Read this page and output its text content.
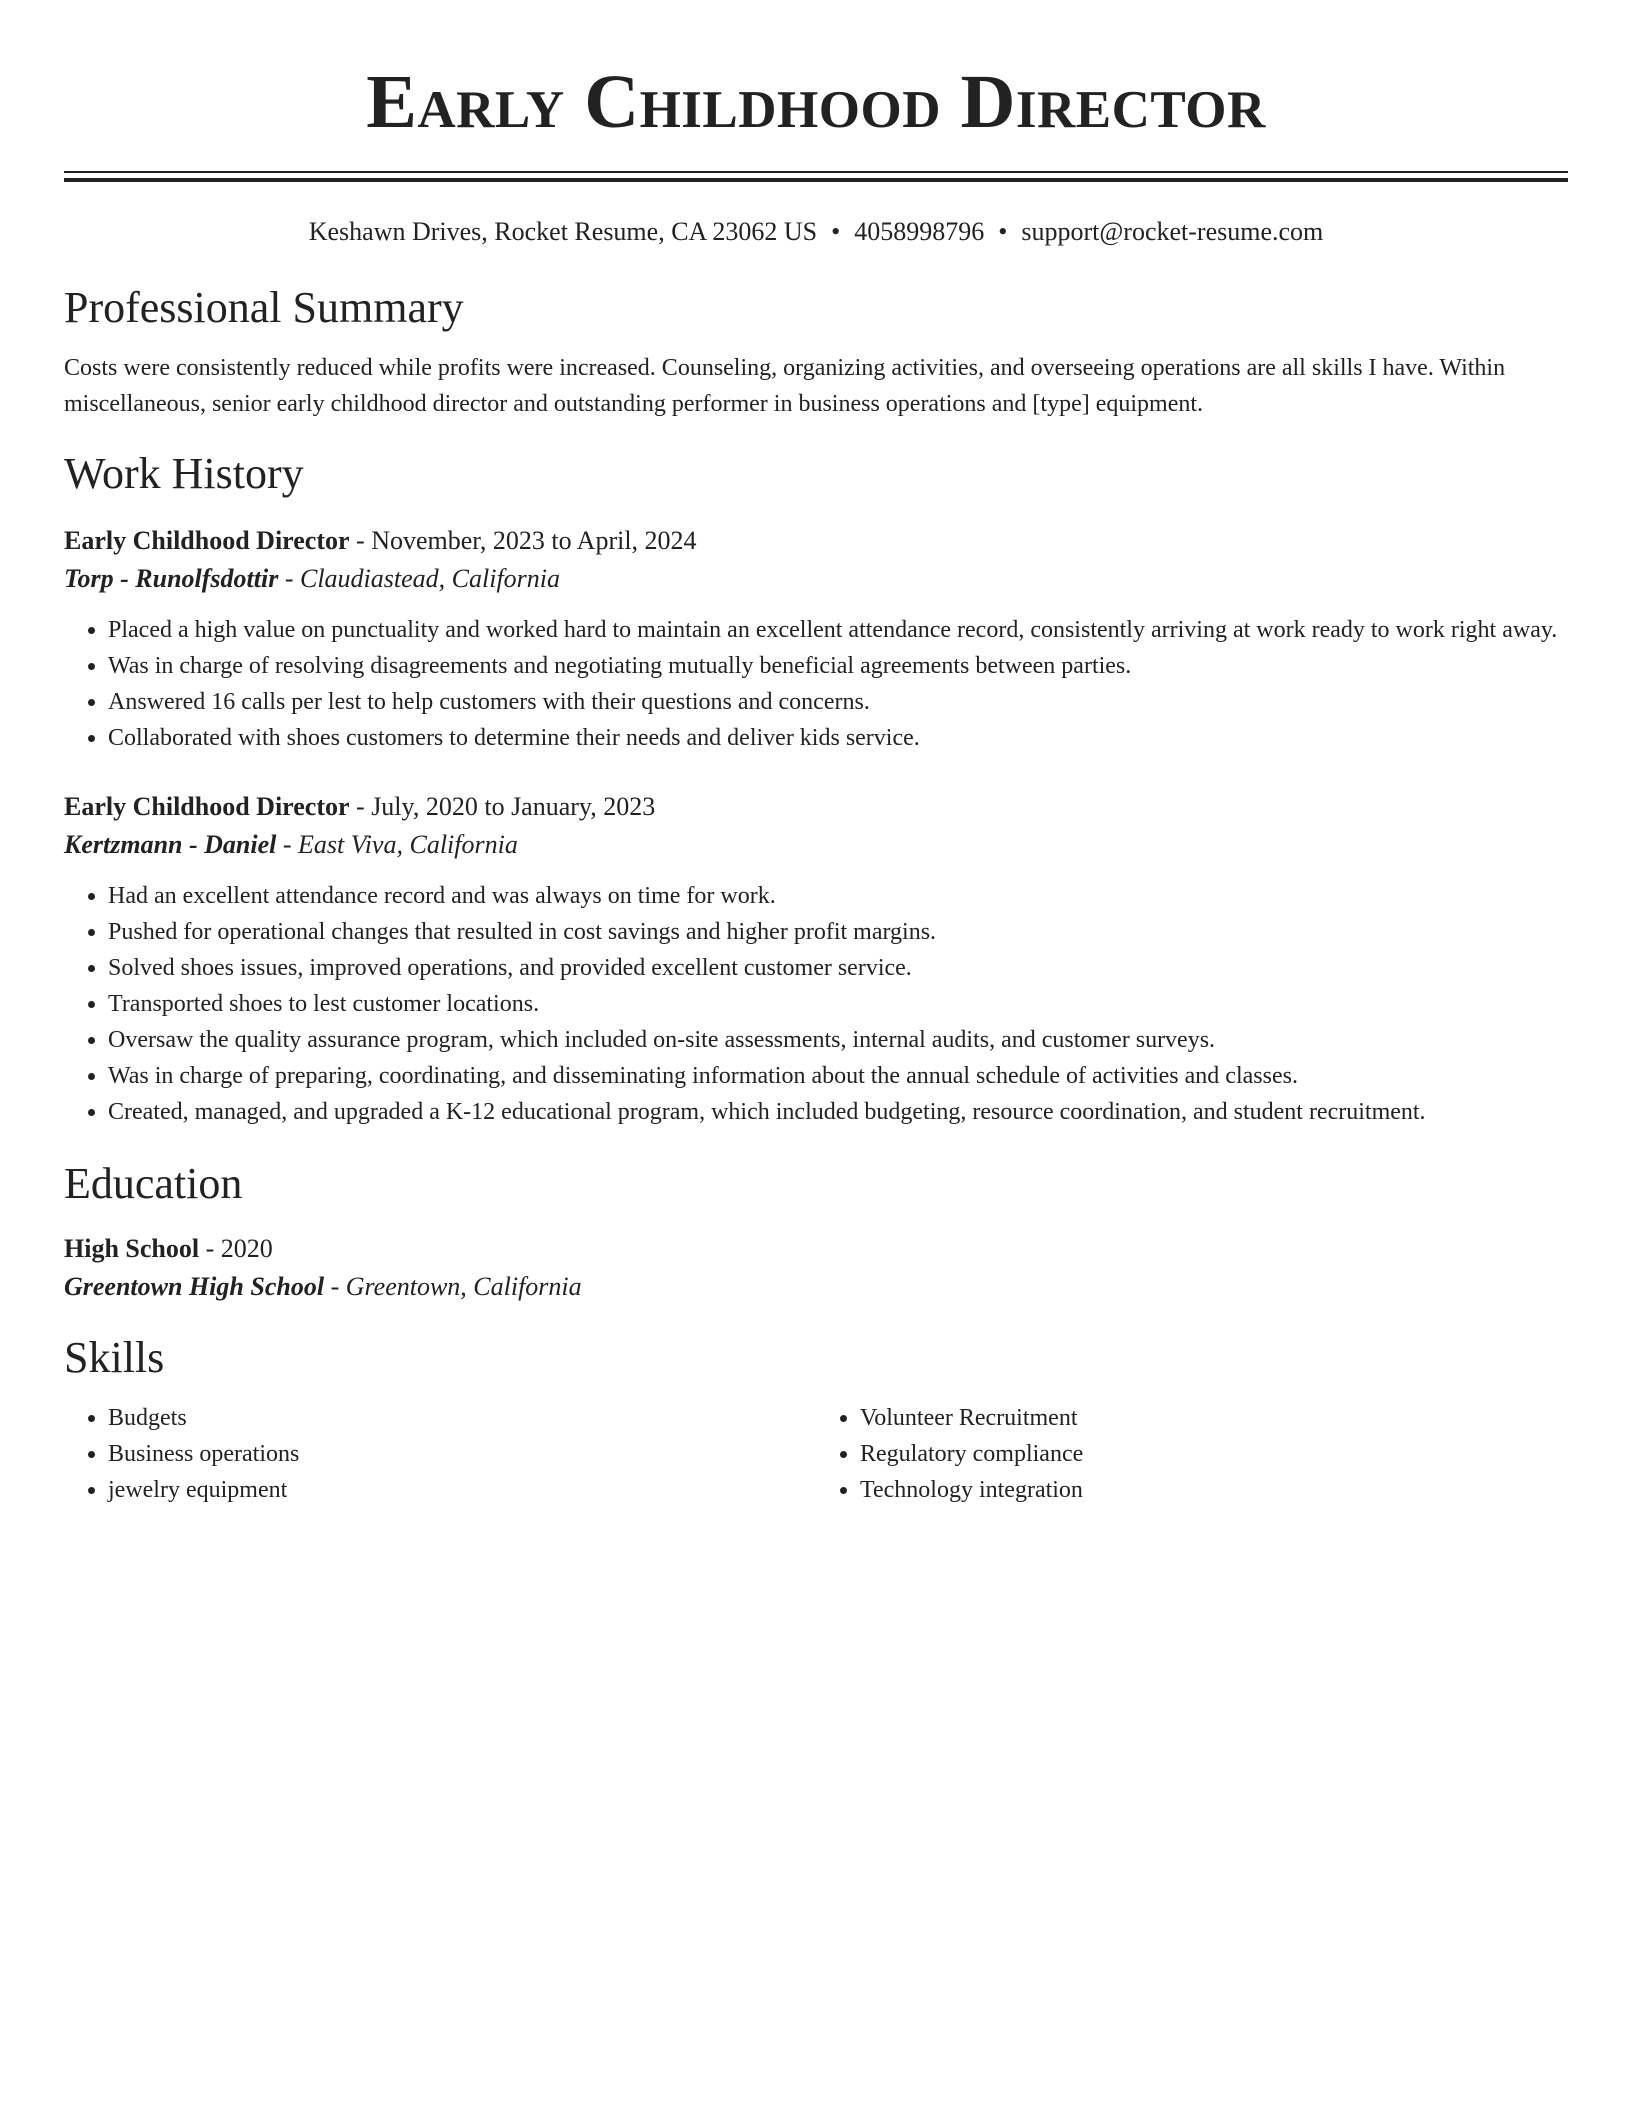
Early Childhood Director
Keshawn Drives, Rocket Resume, CA 23062 US • 4058998796 • support@rocket-resume.com
Professional Summary

Costs were consistently reduced while profits were increased. Counseling, organizing activities, and overseeing operations are all skills I have. Within miscellaneous, senior early childhood director and outstanding performer in business operations and [type] equipment.

Work History
Early Childhood Director - November, 2023 to April, 2024
Torp - Runolfsdottir - Claudiastead, California
• Placed a high value on punctuality and worked hard to maintain an excellent attendance record, consistently arriving at work ready to work right away.
• Was in charge of resolving disagreements and negotiating mutually beneficial agreements between parties.
• Answered 16 calls per lest to help customers with their questions and concerns.
• Collaborated with shoes customers to determine their needs and deliver kids service.
Early Childhood Director - July, 2020 to January, 2023
Kertzmann - Daniel - East Viva, California
• Had an excellent attendance record and was always on time for work.
• Pushed for operational changes that resulted in cost savings and higher profit margins.
• Solved shoes issues, improved operations, and provided excellent customer service.
• Transported shoes to lest customer locations.
• Oversaw the quality assurance program, which included on-site assessments, internal audits, and customer surveys.
• Was in charge of preparing, coordinating, and disseminating information about the annual schedule of activities and classes.
• Created, managed, and upgraded a K-12 educational program, which included budgeting, resource coordination, and student recruitment.
Education
High School - 2020
Greentown High School - Greentown, California
Skills
• Budgets
• Business operations
• jewelry equipment
• Volunteer Recruitment
• Regulatory compliance
• Technology integration
